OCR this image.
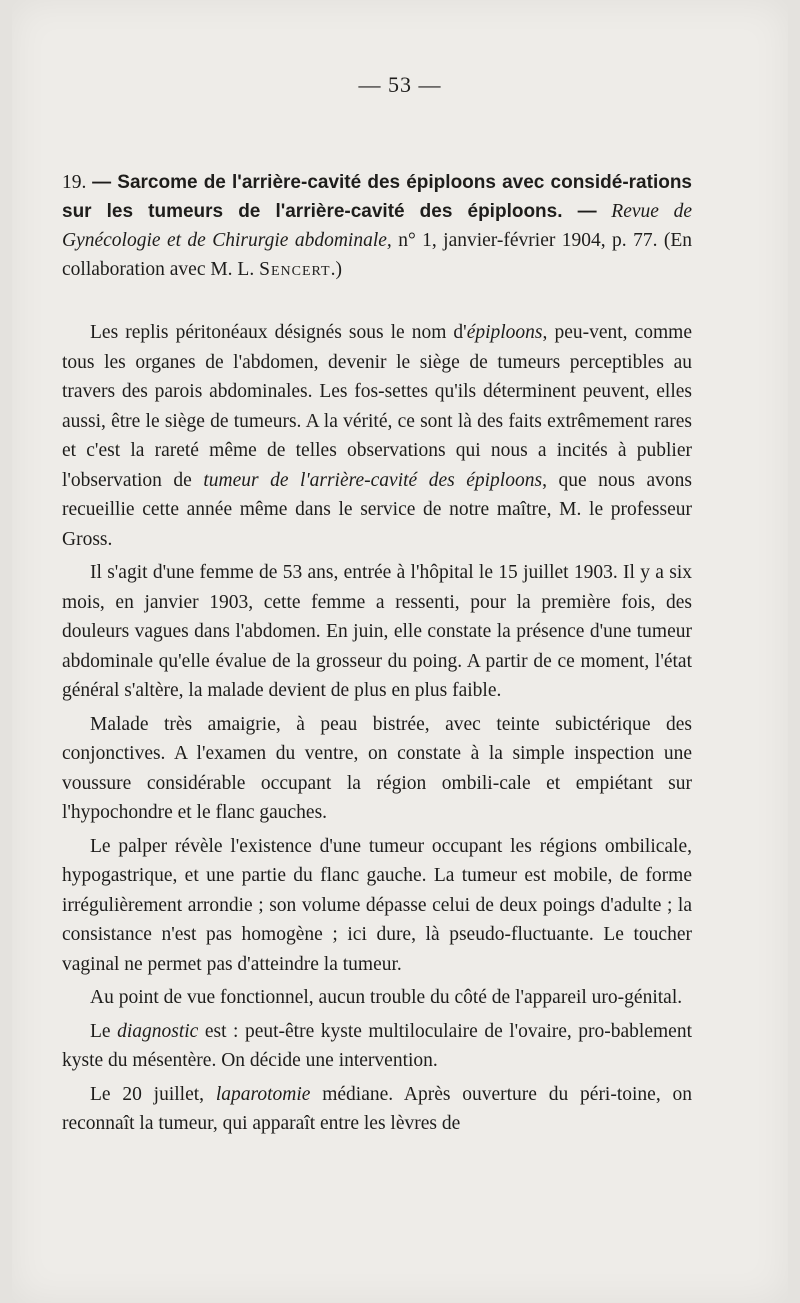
— 53 —
19. — Sarcome de l'arrière-cavité des épiploons avec considé-rations sur les tumeurs de l'arrière-cavité des épiploons. — Revue de Gynécologie et de Chirurgie abdominale, n° 1, janvier-février 1904, p. 77. (En collaboration avec M. L. Sencert.)

Les replis péritonéaux désignés sous le nom d'épiploons, peu-vent, comme tous les organes de l'abdomen, devenir le siège de tumeurs perceptibles au travers des parois abdominales. Les fos-settes qu'ils déterminent peuvent, elles aussi, être le siège de tumeurs. A la vérité, ce sont là des faits extrêmement rares et c'est la rareté même de telles observations qui nous a incités à publier l'observation de tumeur de l'arrière-cavité des épiploons, que nous avons recueillie cette année même dans le service de notre maître, M. le professeur Gross.

Il s'agit d'une femme de 53 ans, entrée à l'hôpital le 15 juillet 1903. Il y a six mois, en janvier 1903, cette femme a ressenti, pour la première fois, des douleurs vagues dans l'abdomen. En juin, elle constate la présence d'une tumeur abdominale qu'elle évalue de la grosseur du poing. A partir de ce moment, l'état général s'altère, la malade devient de plus en plus faible.

Malade très amaigrie, à peau bistrée, avec teinte subictérique des conjonctives. A l'examen du ventre, on constate à la simple inspection une voussure considérable occupant la région ombili-cale et empiétant sur l'hypochondre et le flanc gauches.

Le palper révèle l'existence d'une tumeur occupant les régions ombilicale, hypogastrique, et une partie du flanc gauche. La tumeur est mobile, de forme irrégulièrement arrondie ; son volume dépasse celui de deux poings d'adulte ; la consistance n'est pas homogène ; ici dure, là pseudo-fluctuante. Le toucher vaginal ne permet pas d'atteindre la tumeur.

Au point de vue fonctionnel, aucun trouble du côté de l'appareil uro-génital.

Le diagnostic est : peut-être kyste multiloculaire de l'ovaire, pro-bablement kyste du mésentère. On décide une intervention.

Le 20 juillet, laparotomie médiane. Après ouverture du péri-toine, on reconnaît la tumeur, qui apparaît entre les lèvres de
